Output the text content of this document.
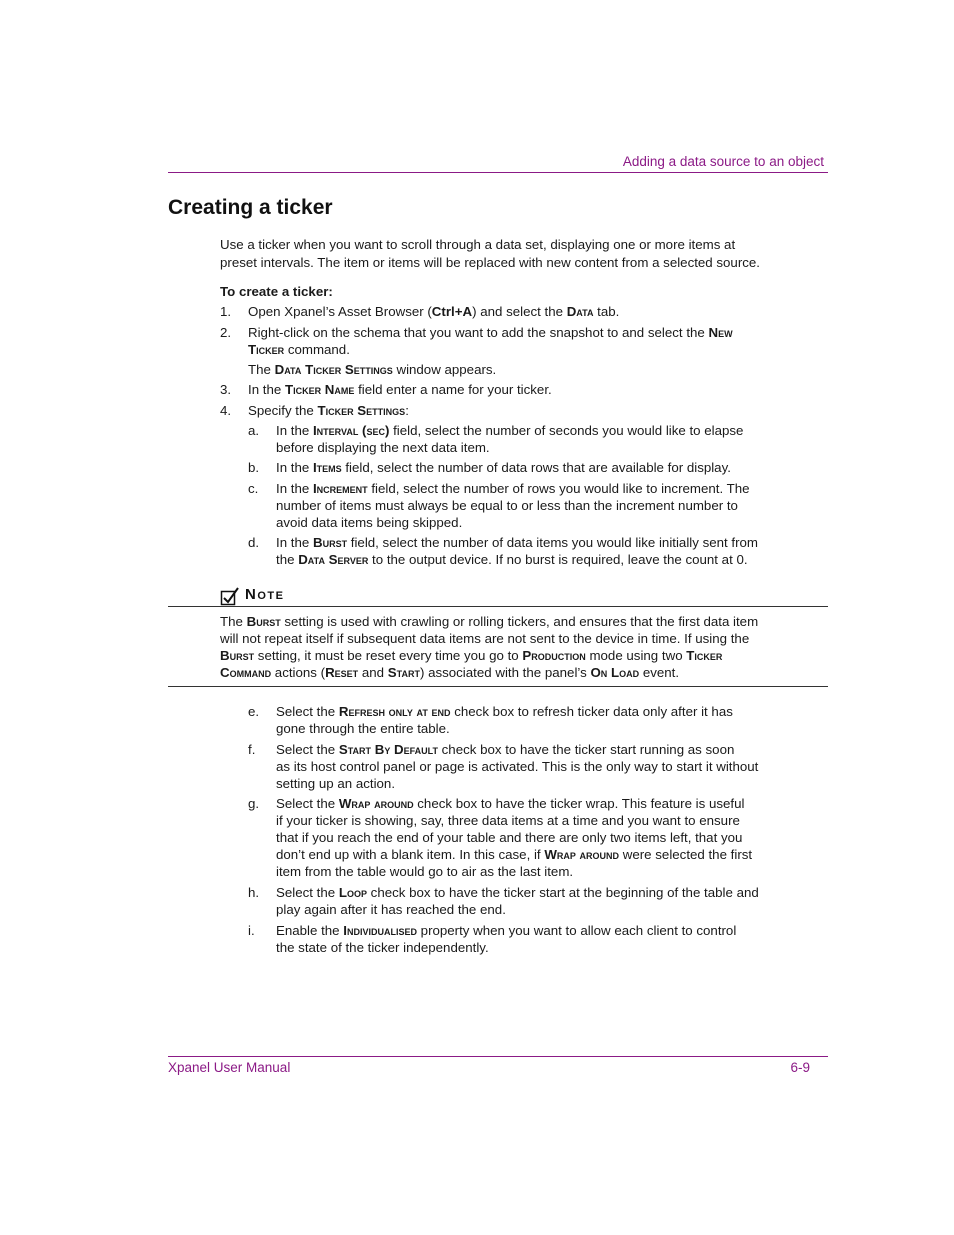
Adding a data source to an object
Creating a ticker
Use a ticker when you want to scroll through a data set, displaying one or more items at
preset intervals. The item or items will be replaced with new content from a selected source.
To create a ticker:
1. Open Xpanel’s Asset Browser (Ctrl+A) and select the Data tab.
2. Right-click on the schema that you want to add the snapshot to and select the New
Ticker command.
The Data Ticker Settings window appears.
3. In the Ticker Name field enter a name for your ticker.
4. Specify the Ticker Settings:
a. In the Interval (sec) field, select the number of seconds you would like to elapse
before displaying the next data item.
b. In the Items field, select the number of data rows that are available for display.
c. In the Increment field, select the number of rows you would like to increment. The
number of items must always be equal to or less than the increment number to
avoid data items being skipped.
d. In the Burst field, select the number of data items you would like initially sent from
the Data Server to the output device. If no burst is required, leave the count at 0.
Note
The Burst setting is used with crawling or rolling tickers, and ensures that the first data item
will not repeat itself if subsequent data items are not sent to the device in time. If using the
Burst setting, it must be reset every time you go to Production mode using two Ticker
Command actions (Reset and Start) associated with the panel’s On Load event.
e. Select the Refresh only at end check box to refresh ticker data only after it has
gone through the entire table.
f. Select the Start By Default check box to have the ticker start running as soon
as its host control panel or page is activated. This is the only way to start it without
setting up an action.
g. Select the Wrap around check box to have the ticker wrap. This feature is useful
if your ticker is showing, say, three data items at a time and you want to ensure
that if you reach the end of your table and there are only two items left, that you
don’t end up with a blank item. In this case, if Wrap around were selected the first
item from the table would go to air as the last item.
h. Select the Loop check box to have the ticker start at the beginning of the table and
play again after it has reached the end.
i. Enable the Individualised property when you want to allow each client to control
the state of the ticker independently.
Xpanel User Manual	6-9
